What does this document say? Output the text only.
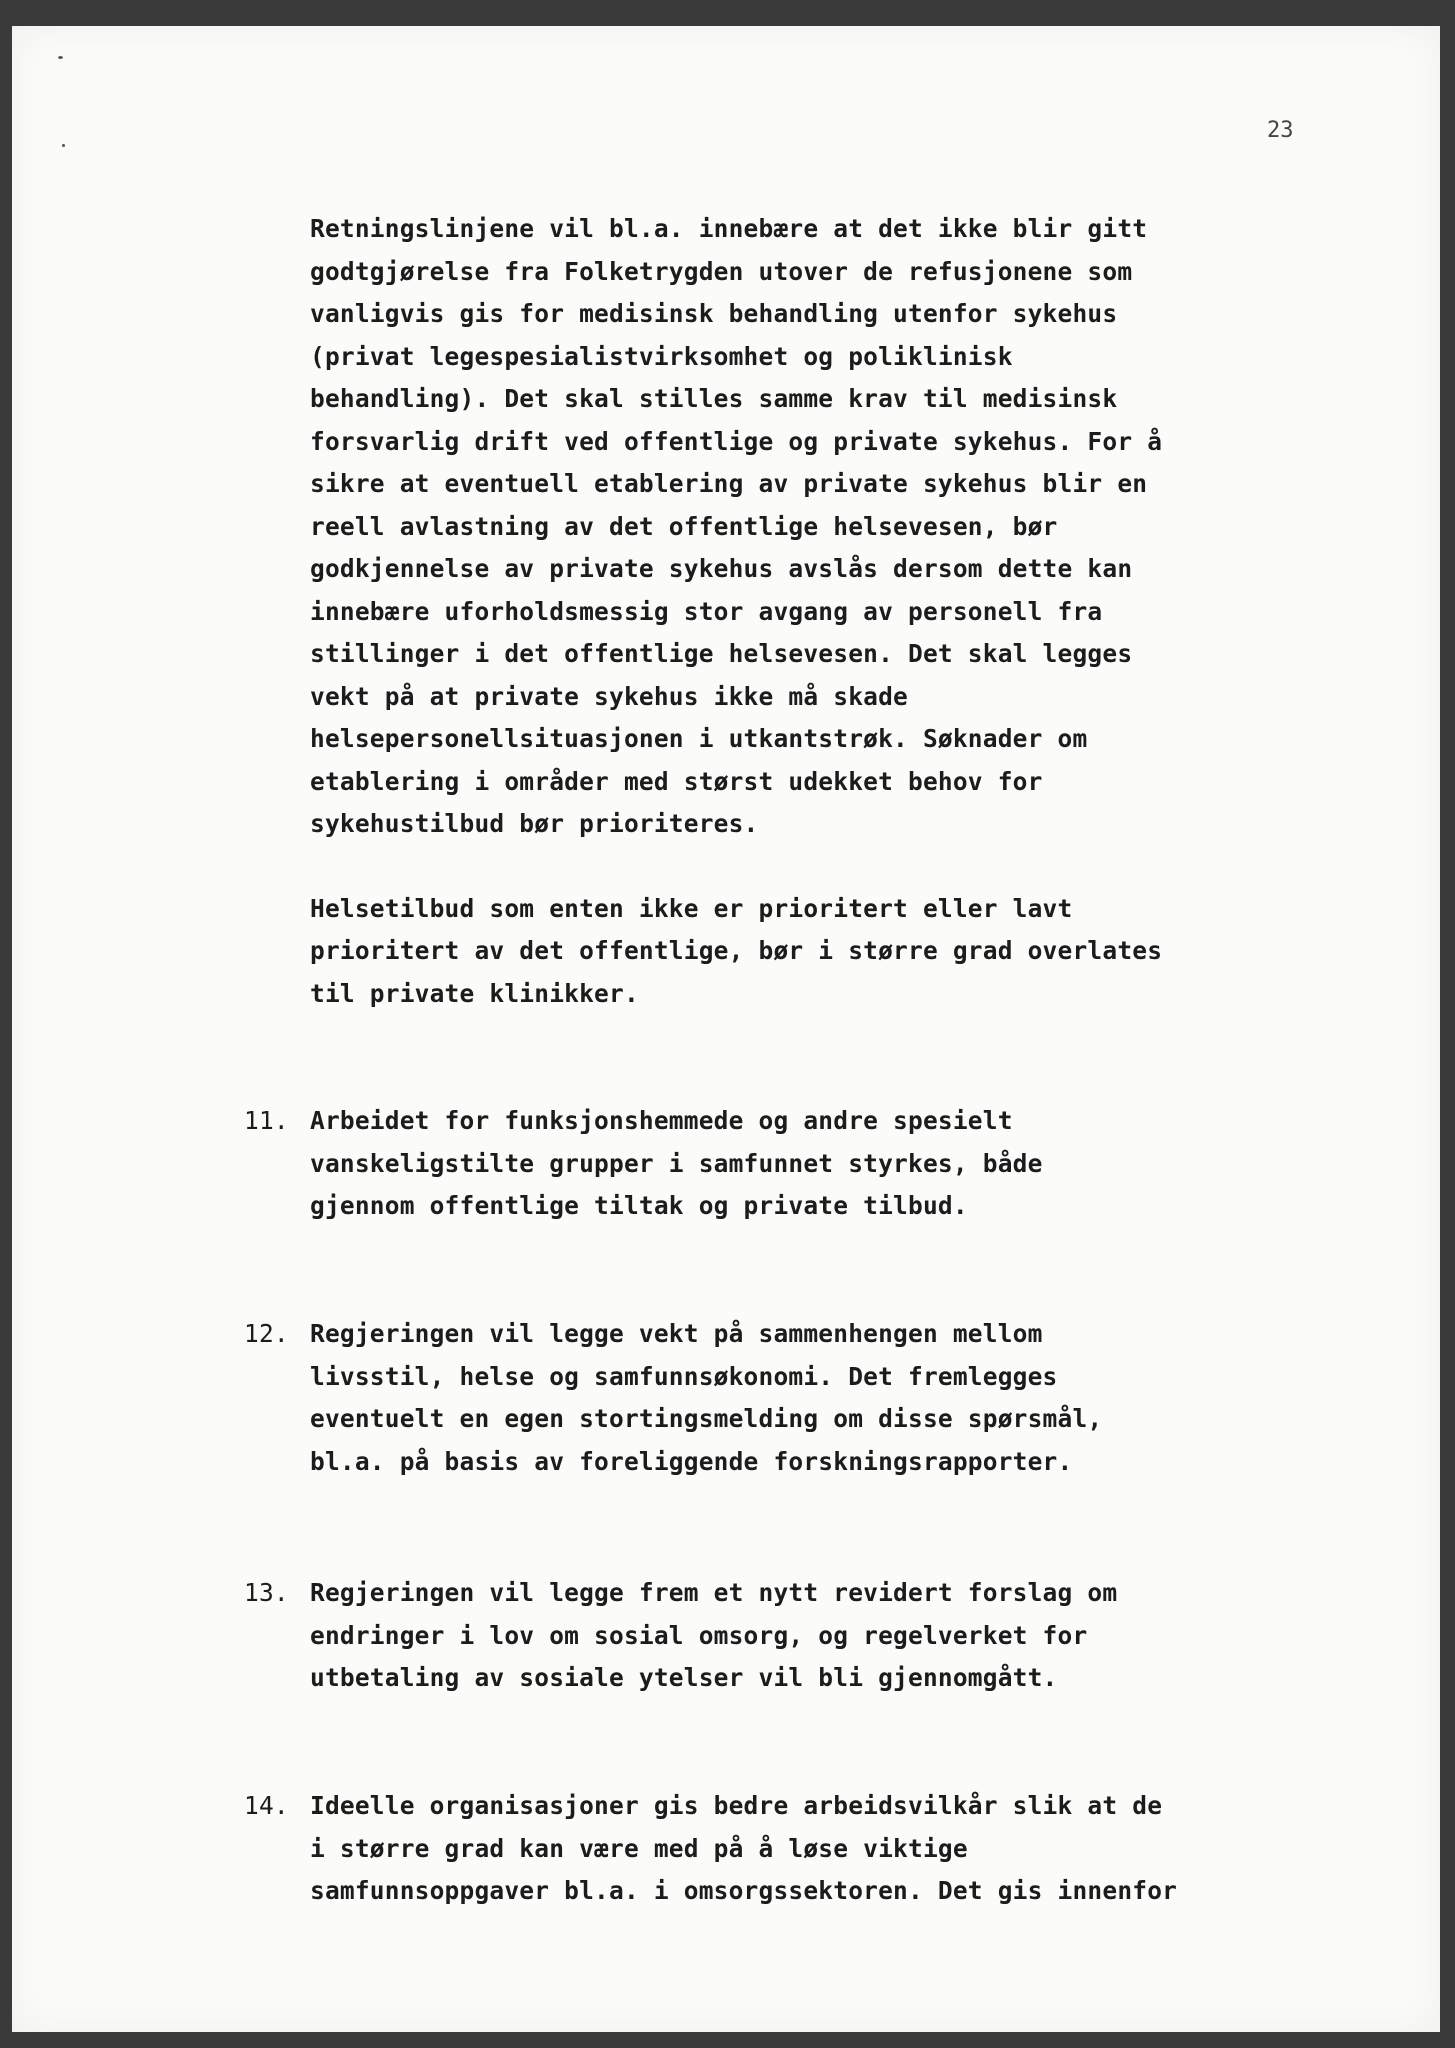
23

Retningslinjene vil bl.a. innebære at det ikke blir gitt
godtgjørelse fra Folketrygden utover de refusjonene som
vanligvis gis for medisinsk behandling utenfor sykehus
(privat legespesialistvirksomhet og poliklinisk
behandling). Det skal stilles samme krav til medisinsk
forsvarlig drift ved offentlige og private sykehus. For å
sikre at eventuell etablering av private sykehus blir en
reell avlastning av det offentlige helsevesen, bør
godkjennelse av private sykehus avslås dersom dette kan
innebære uforholdsmessig stor avgang av personell fra
stillinger i det offentlige helsevesen. Det skal legges
vekt på at private sykehus ikke må skade
helsepersonellsituasjonen i utkantstrøk. Søknader om
etablering i områder med størst udekket behov for
sykehustilbud bør prioriteres.

Helsetilbud som enten ikke er prioritert eller lavt
prioritert av det offentlige, bør i større grad overlates
til private klinikker.

11. Arbeidet for funksjonshemmede og andre spesielt
vanskeligstilte grupper i samfunnet styrkes, både
gjennom offentlige tiltak og private tilbud.
12. Regjeringen vil legge vekt på sammenhengen mellom
livsstil, helse og samfunnsøkonomi. Det fremlegges
eventuelt en egen stortingsmelding om disse spørsmål,
bl.a. på basis av foreliggende forskningsrapporter.
13. Regjeringen vil legge frem et nytt revidert forslag om
endringer i lov om sosial omsorg, og regelverket for
utbetaling av sosiale ytelser vil bli gjennomgått.
14. Ideelle organisasjoner gis bedre arbeidsvilkår slik at de
i større grad kan være med på å løse viktige
samfunnsoppgaver bl.a. i omsorgssektoren. Det gis innenfor
